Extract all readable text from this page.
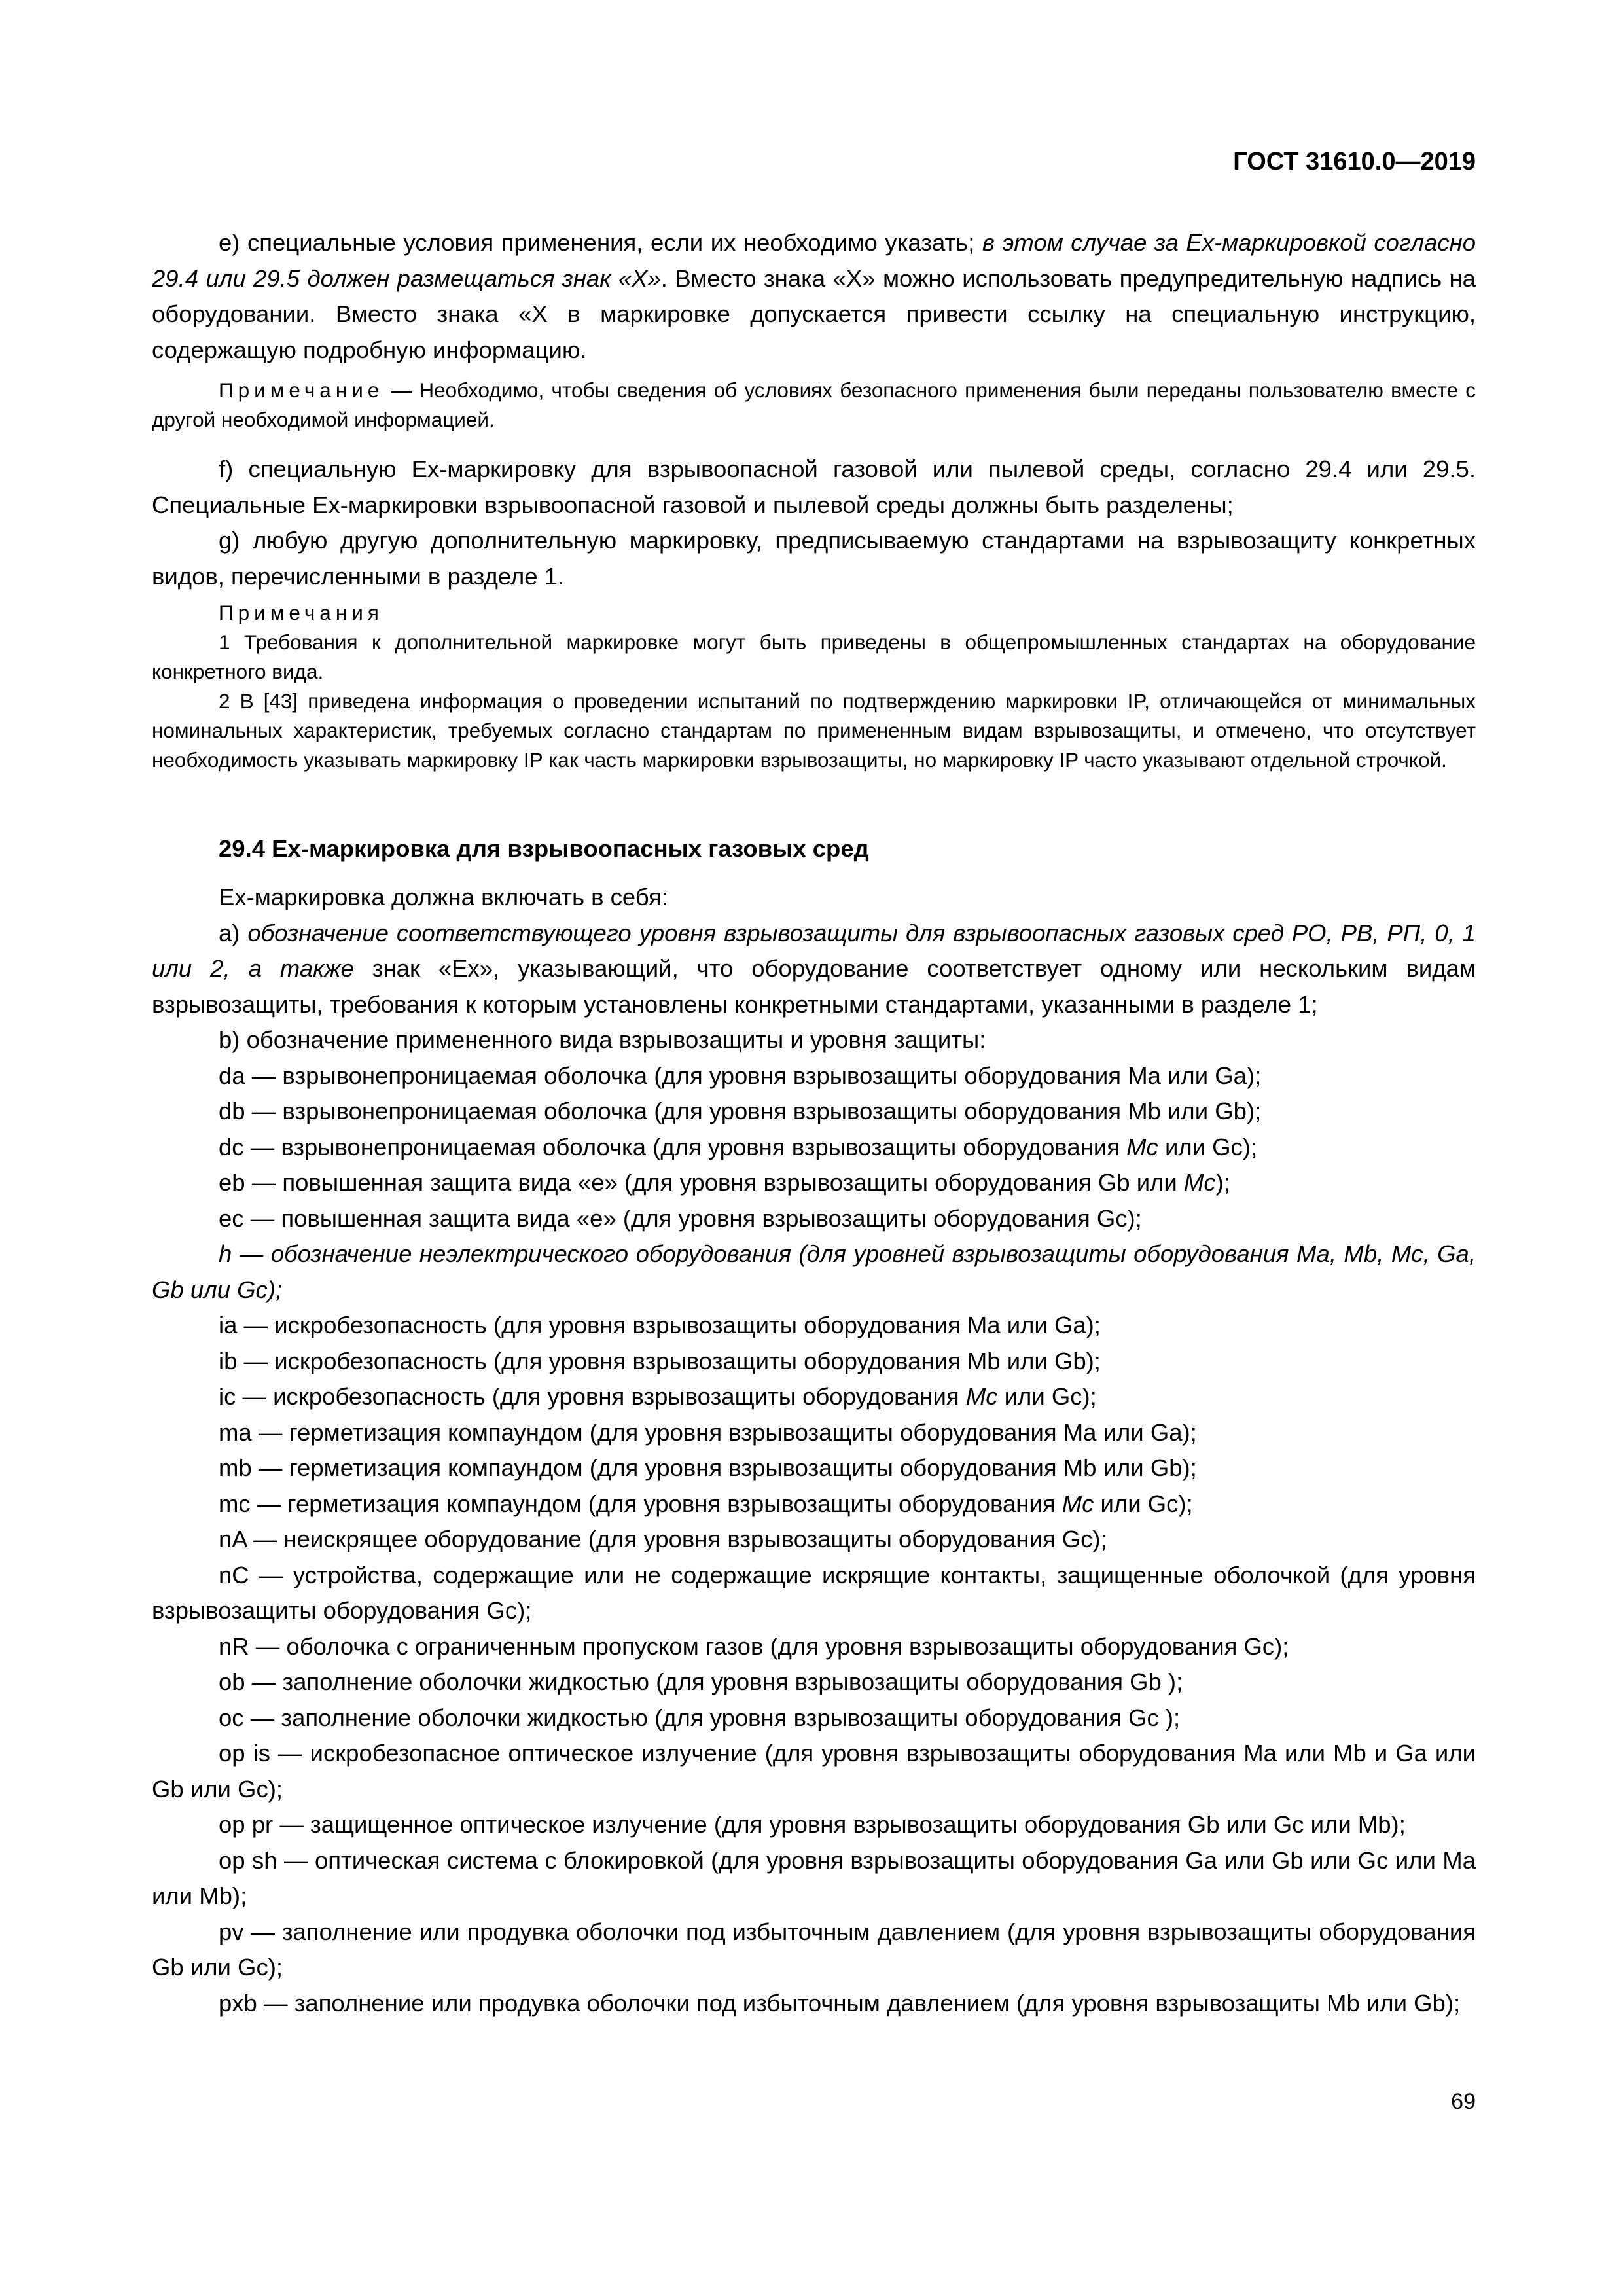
ГОСТ 31610.0—2019

e) специальные условия применения, если их необходимо указать; в этом случае за Ex-маркировкой согласно 29.4 или 29.5 должен размещаться знак «X». Вместо знака «X» можно использовать предупредительную надпись на оборудовании. Вместо знака «X в маркировке допускается привести ссылку на специальную инструкцию, содержащую подробную информацию.

Примечание — Необходимо, чтобы сведения об условиях безопасного применения были переданы пользователю вместе с другой необходимой информацией.

f) специальную Ex-маркировку для взрывоопасной газовой или пылевой среды, согласно 29.4 или 29.5. Специальные Ex-маркировки взрывоопасной газовой и пылевой среды должны быть разделены;

g) любую другую дополнительную маркировку, предписываемую стандартами на взрывозащиту конкретных видов, перечисленными в разделе 1.

Примечания

1 Требования к дополнительной маркировке могут быть приведены в общепромышленных стандартах на оборудование конкретного вида.

2 В [43] приведена информация о проведении испытаний по подтверждению маркировки IP, отличающейся от минимальных номинальных характеристик, требуемых согласно стандартам по примененным видам взрывозащиты, и отмечено, что отсутствует необходимость указывать маркировку IP как часть маркировки взрывозащиты, но маркировку IP часто указывают отдельной строчкой.

29.4 Ex-маркировка для взрывоопасных газовых сред

Ex-маркировка должна включать в себя:

a) обозначение соответствующего уровня взрывозащиты для взрывоопасных газовых сред РО, РВ, РП, 0, 1 или 2, а также знак «Ex», указывающий, что оборудование соответствует одному или нескольким видам взрывозащиты, требования к которым установлены конкретными стандартами, указанными в разделе 1;

b) обозначение примененного вида взрывозащиты и уровня защиты:

da — взрывонепроницаемая оболочка (для уровня взрывозащиты оборудования Ma или Ga);

db — взрывонепроницаемая оболочка (для уровня взрывозащиты оборудования Mb или Gb);

dc — взрывонепроницаемая оболочка (для уровня взрывозащиты оборудования Mc или Gc);

eb — повышенная защита вида «e» (для уровня взрывозащиты оборудования Gb или Mc);

ec — повышенная защита вида «e» (для уровня взрывозащиты оборудования Gc);

h — обозначение неэлектрического оборудования (для уровней взрывозащиты оборудования Ma, Mb, Mc, Ga, Gb или Gc);

ia — искробезопасность (для уровня взрывозащиты оборудования Ma или Ga);

ib — искробезопасность (для уровня взрывозащиты оборудования Mb или Gb);

ic — искробезопасность (для уровня взрывозащиты оборудования Mc или Gc);

ma — герметизация компаундом (для уровня взрывозащиты оборудования Ma или Ga);

mb — герметизация компаундом (для уровня взрывозащиты оборудования Mb или Gb);

mc — герметизация компаундом (для уровня взрывозащиты оборудования Mc или Gc);

nA — неискрящее оборудование (для уровня взрывозащиты оборудования Gc);

nC — устройства, содержащие или не содержащие искрящие контакты, защищенные оболочкой (для уровня взрывозащиты оборудования Gc);

nR — оболочка с ограниченным пропуском газов (для уровня взрывозащиты оборудования Gc);

ob — заполнение оболочки жидкостью (для уровня взрывозащиты оборудования Gb );

oc — заполнение оболочки жидкостью (для уровня взрывозащиты оборудования Gc );

op is — искробезопасное оптическое излучение (для уровня взрывозащиты оборудования Ma или Mb и Ga или Gb или Gc);

op pr — защищенное оптическое излучение (для уровня взрывозащиты оборудования Gb или Gc или Mb);

op sh — оптическая система с блокировкой (для уровня взрывозащиты оборудования Ga или Gb или Gc или Ma или Mb);

pv — заполнение или продувка оболочки под избыточным давлением (для уровня взрывозащиты оборудования Gb или Gc);

pxb — заполнение или продувка оболочки под избыточным давлением (для уровня взрывозащиты Mb или Gb);

69
